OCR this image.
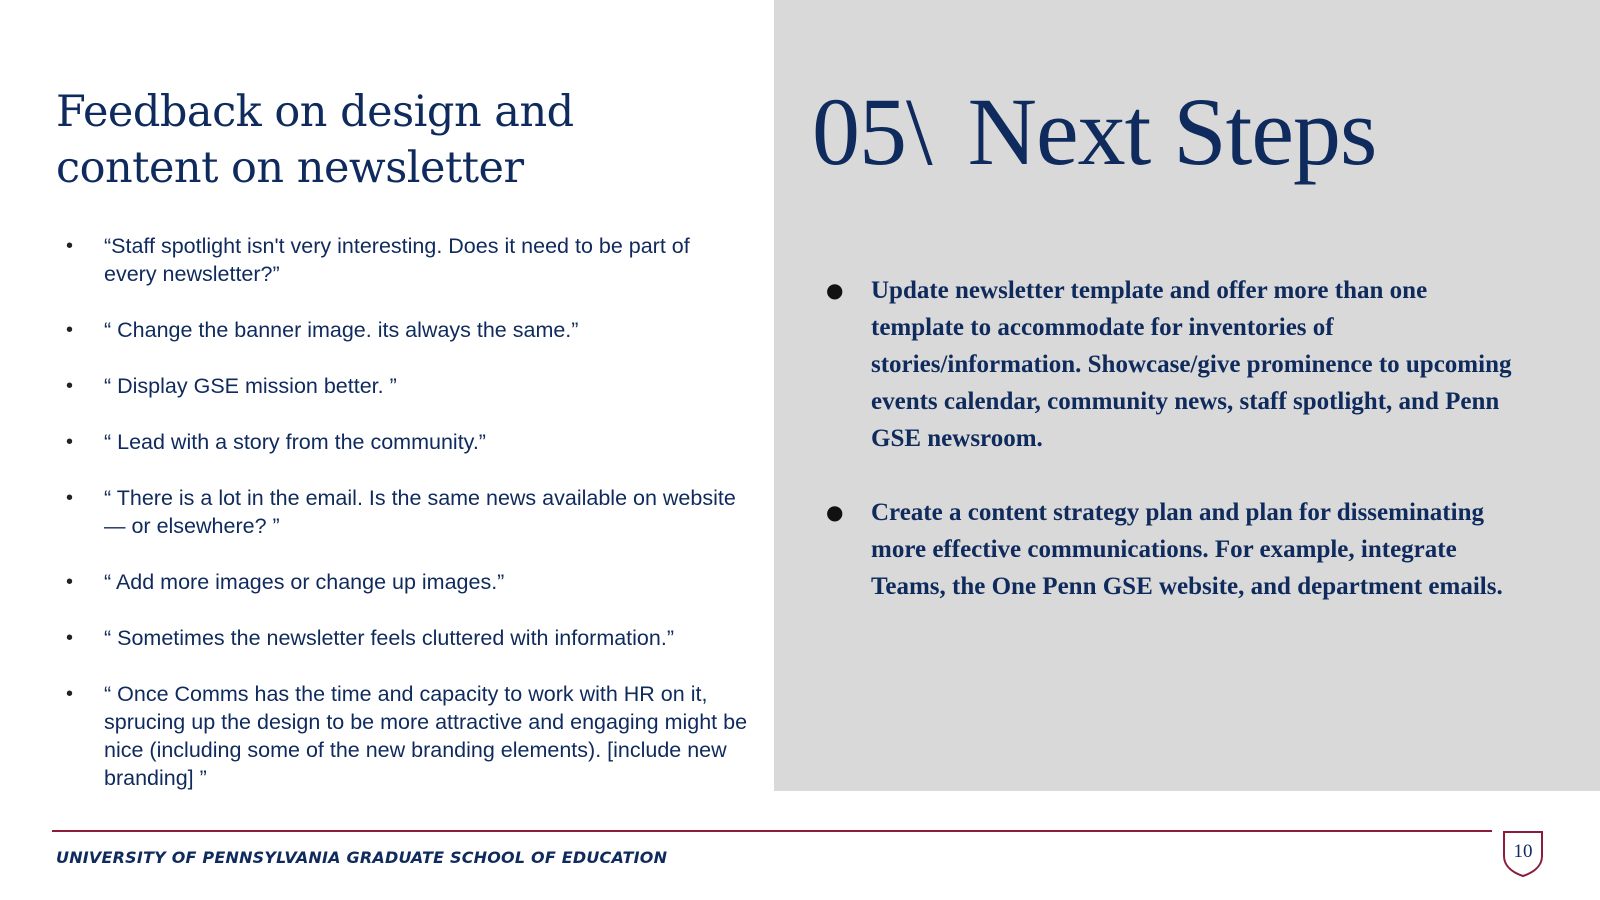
Feedback on design and content on newsletter
• “Staff spotlight isn't very interesting. Does it need to be part of every newsletter?”
• “ Change the banner image. its always the same.”
• “ Display GSE mission better. ”
• “ Lead with a story from the community.”
• “ There is a lot in the email. Is the same news available on website — or elsewhere? ”
• “ Add more images or change up images.”
• “ Sometimes the newsletter feels cluttered with information.”
• “ Once Comms has the time and capacity to work with HR on it, sprucing up the design to be more attractive and engaging might be nice (including some of the new branding elements). [include new branding] ”
05\ Next Steps
● Update newsletter template and offer more than one template to accommodate for inventories of stories/information. Showcase/give prominence to upcoming events calendar, community news, staff spotlight, and Penn GSE newsroom.
● Create a content strategy plan and plan for disseminating more effective communications. For example, integrate Teams, the One Penn GSE website, and department emails.
UNIVERSITY OF PENNSYLVANIA GRADUATE SCHOOL OF EDUCATION	10
